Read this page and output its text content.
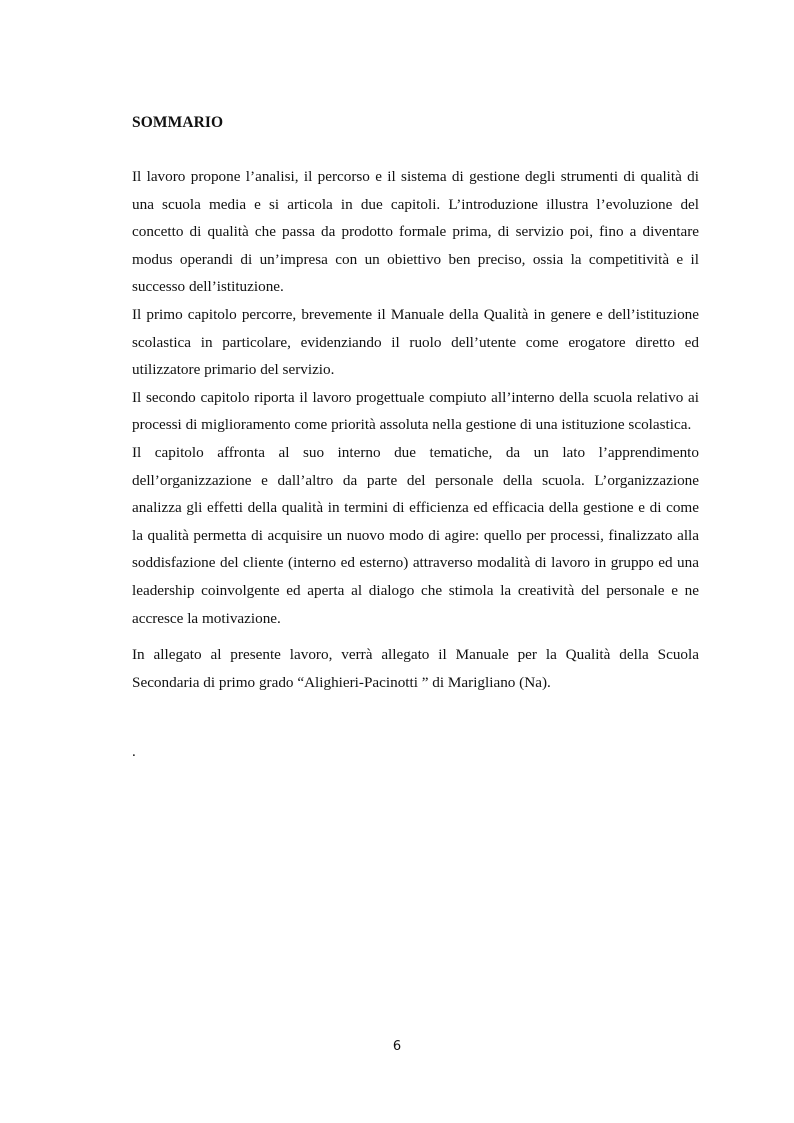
SOMMARIO

Il lavoro propone l’analisi, il percorso e il sistema di gestione degli strumenti di qualità di una scuola media e si articola in due capitoli. L’introduzione illustra l’evoluzione del concetto di qualità che passa da prodotto formale prima, di servizio poi, fino a diventare modus operandi di un’impresa con un obiettivo ben preciso, ossia la competitività e il successo dell’istituzione.

Il primo capitolo percorre, brevemente il Manuale della Qualità in genere e dell’istituzione scolastica in particolare, evidenziando il ruolo dell’utente come erogatore diretto ed utilizzatore primario del servizio.

Il secondo capitolo riporta il lavoro progettuale compiuto all’interno della scuola relativo ai processi di miglioramento come priorità assoluta nella gestione di una istituzione scolastica.

Il capitolo affronta al suo interno due tematiche, da un lato l’apprendimento dell’organizzazione e dall’altro da parte del personale della scuola. L’organizzazione analizza gli effetti della qualità in termini di efficienza ed efficacia della gestione e di come la qualità permetta di acquisire un nuovo modo di agire: quello per processi, finalizzato alla soddisfazione del cliente (interno ed esterno) attraverso modalità di lavoro in gruppo ed una leadership coinvolgente ed aperta al dialogo che stimola la creatività del personale e ne accresce la motivazione.

In allegato al presente lavoro, verrà allegato il Manuale per la Qualità della Scuola Secondaria di primo grado “Alighieri-Pacinotti ” di Marigliano (Na).

.
6
